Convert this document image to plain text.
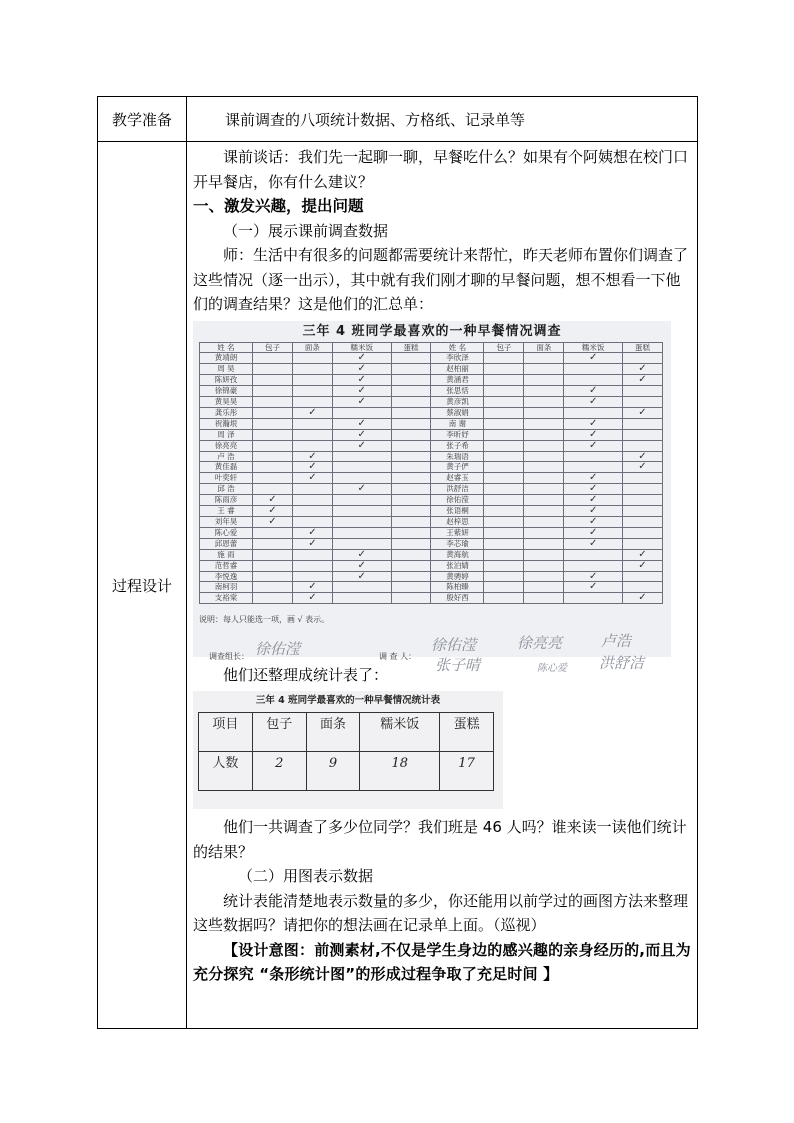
教学准备	课前调查的八项统计数据、方格纸、记录单等

过程设计	

课前谈话：我们先一起聊一聊，早餐吃什么？如果有个阿姨想在校门口开早餐店，你有什么建议？

一、激发兴趣，提出问题

（一）展示课前调查数据

师：生活中有很多的问题都需要统计来帮忙，昨天老师布置你们调查了这些情况（逐一出示），其中就有我们刚才聊的早餐问题，想不想看一下他们的调查结果？这是他们的汇总单：

三年 4 班同学最喜欢的一种早餐情况调查
姓 名	包子	面条	糯米饭	蛋糕	姓 名	包子	面条	糯米饭	蛋糕
黄靖朗			✓		李欣泽			✓	
周 昊			✓		赵柏丽				✓
陈妍孜			✓		黄涵君				✓
徐锦豪			✓		张思恬			✓	
黄昊昊			✓		黄彦凯			✓	
龚乐彤		✓			蔡淑娟				✓
祝瀚垠			✓		南 谢			✓	
周 泽			✓		李昕妤			✓	
徐亮亮			✓		张子希			✓	
卢 浩		✓			朱瑞语				✓
黄佳磊		✓			黄子俨				✓
叶奕轩		✓			赵睿玉			✓	
邱 浩			✓		洪舒洁			✓	
陈雨彦	✓				徐佑滢			✓	
王 睿	✓				张语桐			✓	
刘年昊	✓				赵梓思			✓	
陈心爱		✓			王紫妍			✓	
邱恩蕾		✓			李芯瑜			✓	
施 雨			✓		黄海航				✓
范哲睿			✓		张泊婧				✓
李悦逸			✓		黄骋婷			✓	
南柯羽		✓			陈柏臻			✓	
支裕棠		✓			殷好西				✓
说明：每人只能选一项，画 √ 表示。
调查组长： 徐佑滢	调 查 人：
徐佑滢	徐亮亮	卢浩
张子晴	陈心爱 洪舒洁

他们还整理成统计表了：

三年 4 班同学最喜欢的一种早餐情况统计表
项目	包子	面条	糯米饭	蛋糕
人数	2	9	18	17

他们一共调查了多少位同学？我们班是 46 人吗？谁来读一读他们统计的结果？

（二）用图表示数据

统计表能清楚地表示数量的多少，你还能用以前学过的画图方法来整理这些数据吗？请把你的想法画在记录单上面。（巡视）

【设计意图：前测素材,不仅是学生身边的感兴趣的亲身经历的,而且为充分探究 “条形统计图”的形成过程争取了充足时间 】
